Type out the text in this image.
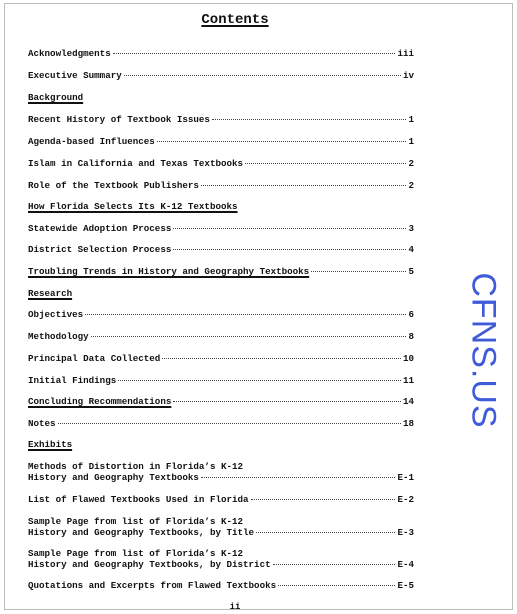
Contents
Acknowledgments	iii
Executive Summary	iv
Background
Recent History of Textbook Issues	1
Agenda-based Influences	1
Islam in California and Texas Textbooks	2
Role of the Textbook Publishers	2
How Florida Selects Its K-12 Textbooks
Statewide Adoption Process	3
District Selection Process	4
Troubling Trends in History and Geography Textbooks	5
Research
Objectives	6
Methodology	8
Principal Data Collected	10
Initial Findings	11
Concluding Recommendations	14
Notes	18
Exhibits
Methods of Distortion in Florida’s K-12
History and Geography Textbooks	E-1
List of Flawed Textbooks Used in Florida	E-2
Sample Page from list of Florida’s K-12
History and Geography Textbooks, by Title	E-3
Sample Page from list of Florida’s K-12
History and Geography Textbooks, by District	E-4
Quotations and Excerpts from Flawed Textbooks	E-5
ii
CFNS.US
